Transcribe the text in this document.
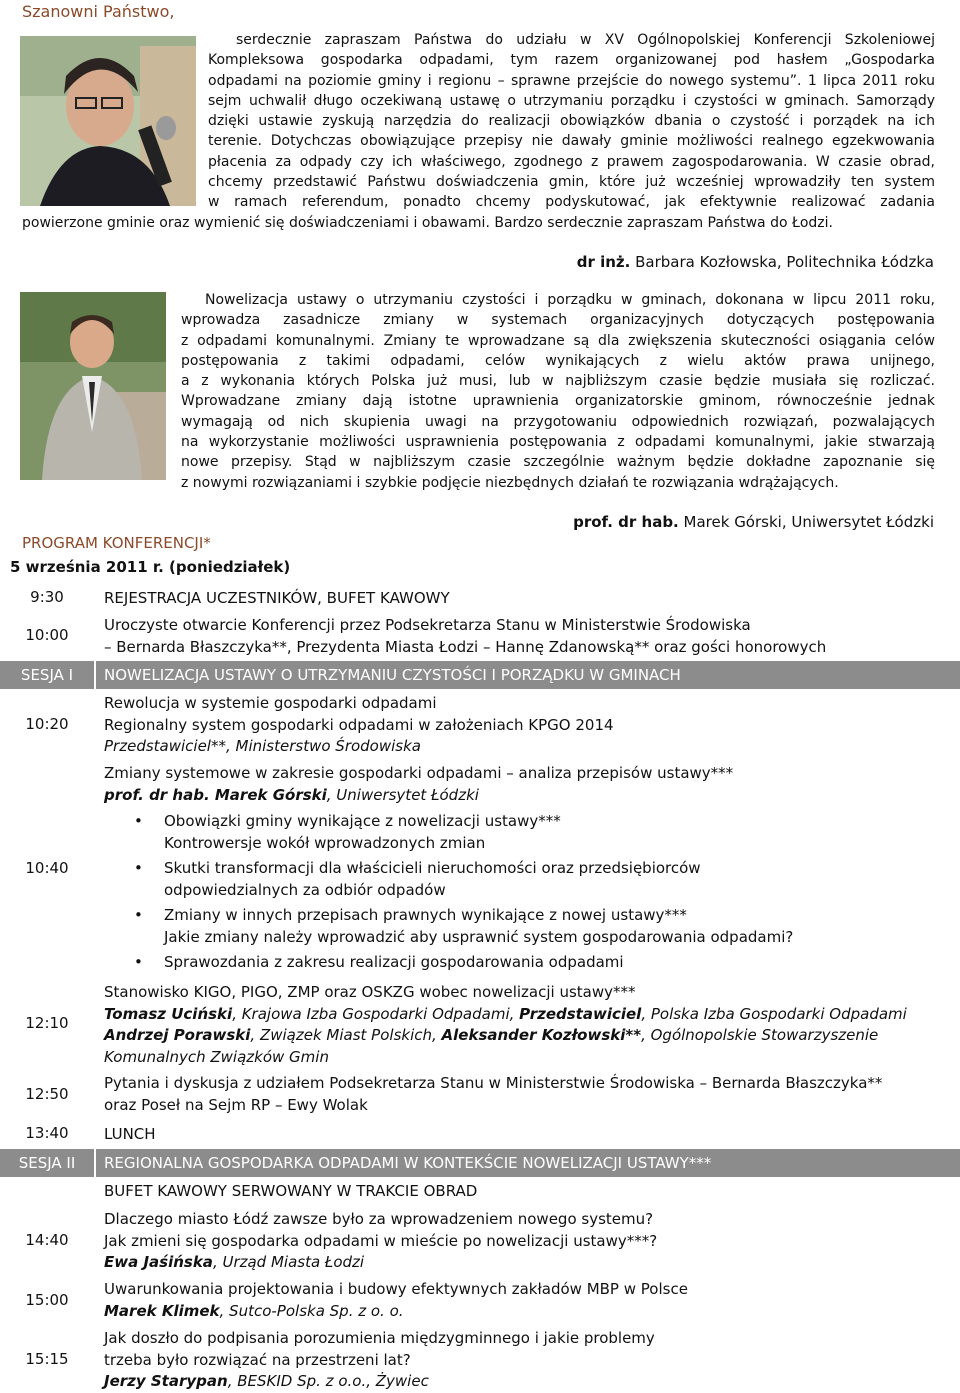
Szanowni Państwo,
serdecznie zapraszam Państwa do udziału w XV Ogólnopolskiej Konferencji Szkoleniowej
Kompleksowa gospodarka odpadami, tym razem organizowanej pod hasłem „Gospodarka
odpadami na poziomie gminy i regionu – sprawne przejście do nowego systemu”. 1 lipca 2011 roku
sejm uchwalił długo oczekiwaną ustawę o utrzymaniu porządku i czystości w gminach. Samorządy
dzięki ustawie zyskują narzędzia do realizacji obowiązków dbania o czystość i porządek na ich
terenie. Dotychczas obowiązujące przepisy nie dawały gminie możliwości realnego egzekwowania
płacenia za odpady czy ich właściwego, zgodnego z prawem zagospodarowania. W czasie obrad,
chcemy przedstawić Państwu doświadczenia gmin, które już wcześniej wprowadziły ten system
w ramach referendum, ponadto chcemy podyskutować, jak efektywnie realizować zadania
powierzone gminie oraz wymienić się doświadczeniami i obawami. Bardzo serdecznie zapraszam Państwa do Łodzi.
dr inż. Barbara Kozłowska, Politechnika Łódzka
Nowelizacja ustawy o utrzymaniu czystości i porządku w gminach, dokonana w lipcu 2011 roku,
wprowadza zasadnicze zmiany w systemach organizacyjnych dotyczących postępowania
z odpadami komunalnymi. Zmiany te wprowadzane są dla zwiększenia skuteczności osiągania celów
postępowania z takimi odpadami, celów wynikających z wielu aktów prawa unijnego,
a z wykonania których Polska już musi, lub w najbliższym czasie będzie musiała się rozliczać.
Wprowadzane zmiany dają istotne uprawnienia organizatorskie gminom, równocześnie jednak
wymagają od nich skupienia uwagi na przygotowaniu odpowiednich rozwiązań, pozwalających
na wykorzystanie możliwości usprawnienia postępowania z odpadami komunalnymi, jakie stwarzają
nowe przepisy. Stąd w najbliższym czasie szczególnie ważnym będzie dokładne zapoznanie się
z nowymi rozwiązaniami i szybkie podjęcie niezbędnych działań te rozwiązania wdrążających.
prof. dr hab. Marek Górski, Uniwersytet Łódzki
PROGRAM KONFERENCJI*
5 września 2011 r. (poniedziałek)
9:30	REJESTRACJA UCZESTNIKÓW, BUFET KAWOWY
10:00
Uroczyste otwarcie Konferencji przez Podsekretarza Stanu w Ministerstwie Środowiska
– Bernarda Błaszczyka**, Prezydenta Miasta Łodzi – Hannę Zdanowską** oraz gości honorowych
SESJA I	NOWELIZACJA USTAWY O UTRZYMANIU CZYSTOŚCI I PORZĄDKU W GMINACH
10:20
Rewolucja w systemie gospodarki odpadami
Regionalny system gospodarki odpadami w założeniach KPGO 2014
Przedstawiciel**, Ministerstwo Środowiska
10:40
Zmiany systemowe w zakresie gospodarki odpadami – analiza przepisów ustawy***
prof. dr hab. Marek Górski, Uniwersytet Łódzki
• Obowiązki gminy wynikające z nowelizacji ustawy***
Kontrowersje wokół wprowadzonych zmian
• Skutki transformacji dla właścicieli nieruchomości oraz przedsiębiorców
odpowiedzialnych za odbiór odpadów
• Zmiany w innych przepisach prawnych wynikające z nowej ustawy***
Jakie zmiany należy wprowadzić aby usprawnić system gospodarowania odpadami?
• Sprawozdania z zakresu realizacji gospodarowania odpadami
12:10
Stanowisko KIGO, PIGO, ZMP oraz OSKZG wobec nowelizacji ustawy***
Tomasz Uciński, Krajowa Izba Gospodarki Odpadami, Przedstawiciel, Polska Izba Gospodarki Odpadami
Andrzej Porawski, Związek Miast Polskich, Aleksander Kozłowski**, Ogólnopolskie Stowarzyszenie
Komunalnych Związków Gmin
12:50
Pytania i dyskusja z udziałem Podsekretarza Stanu w Ministerstwie Środowiska – Bernarda Błaszczyka**
oraz Poseł na Sejm RP – Ewy Wolak
13:40	LUNCH
SESJA II	REGIONALNA GOSPODARKA ODPADAMI W KONTEKŚCIE NOWELIZACJI USTAWY***
BUFET KAWOWY SERWOWANY W TRAKCIE OBRAD
14:40
Dlaczego miasto Łódź zawsze było za wprowadzeniem nowego systemu?
Jak zmieni się gospodarka odpadami w mieście po nowelizacji ustawy***?
Ewa Jaśińska, Urząd Miasta Łodzi
15:00
Uwarunkowania projektowania i budowy efektywnych zakładów MBP w Polsce
Marek Klimek, Sutco-Polska Sp. z o. o.
15:15
Jak doszło do podpisania porozumienia międzygminnego i jakie problemy
trzeba było rozwiązać na przestrzeni lat?
Jerzy Starypan, BESKID Sp. z o.o., Żywiec
